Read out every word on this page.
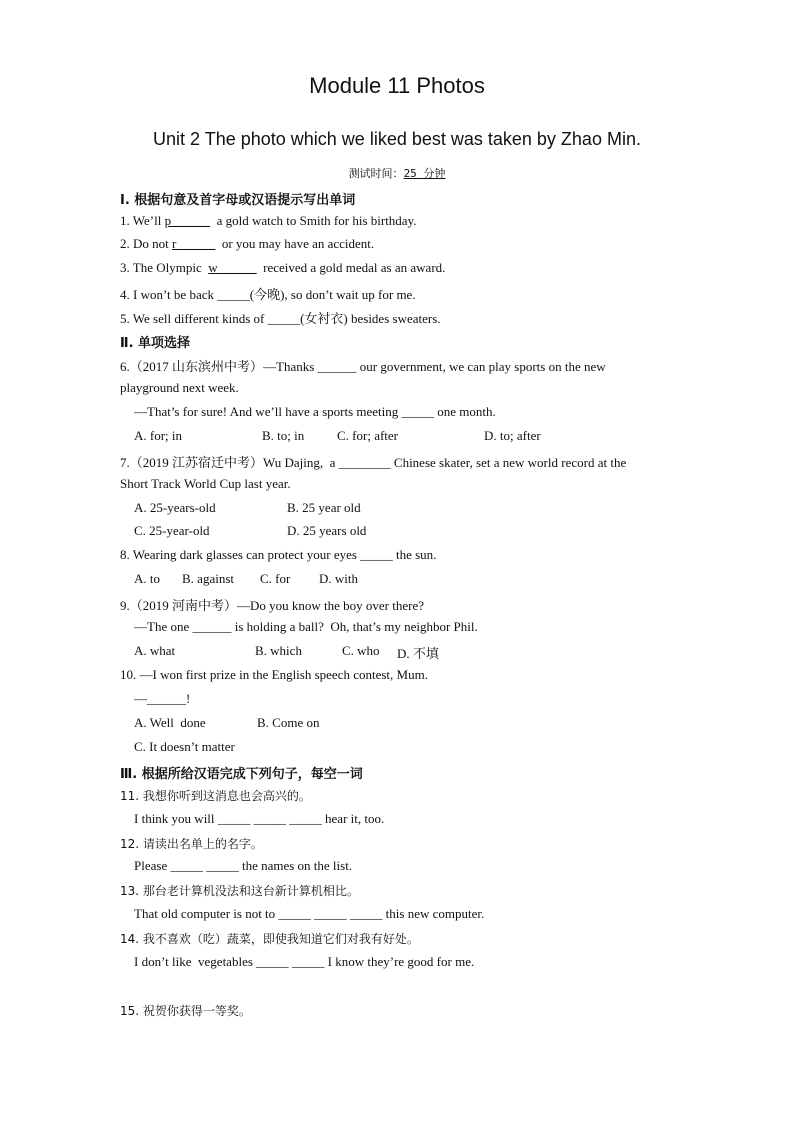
Module 11 Photos
Unit 2 The photo which we liked best was taken by Zhao Min.
测试时间：25 分钟
Ⅰ. 根据句意及首字母或汉语提示写出单词
1. We’ll p______  a gold watch to Smith for his birthday.
2. Do not r______  or you may have an accident.
3. The Olympic  w______  received a gold medal as an award.
4. I won’t be back _____(今晚), so don’t wait up for me.
5. We sell different kinds of _____(女衬衣) besides sweaters.
Ⅱ. 单项选择
6.（2017 山东滨州中考）—Thanks ______ our government, we can play sports on the new
playground next week.
—That’s for sure! And we’ll have a sports meeting _____ one month.
A. for; in	B. to; in	C. for; after	D. to; after
7.（2019 江苏宿迁中考）Wu Dajing,  a ________ Chinese skater, set a new world record at the
Short Track World Cup last year.
A. 25-years-old	B. 25 year old
C. 25-year-old	D. 25 years old
8. Wearing dark glasses can protect your eyes _____ the sun.
A. to B. against C. for D. with
9.（2019 河南中考）—Do you know the boy over there?
—The one ______ is holding a ball?  Oh, that’s my neighbor Phil.
A. what	B. which	C. who D. 不填
10. —I won first prize in the English speech contest, Mum.
—______!
A. Well  done	B. Come on
C. It doesn’t matter
Ⅲ. 根据所给汉语完成下列句子，每空一词
11. 我想你听到这消息也会高兴的。
I think you will _____ _____ _____ hear it, too.
12. 请读出名单上的名字。
Please _____ _____ the names on the list.
13. 那台老计算机没法和这台新计算机相比。
That old computer is not to _____ _____ _____ this new computer.
14. 我不喜欢（吃）蔬菜，即使我知道它们对我有好处。
I don’t like  vegetables _____ _____ I know they’re good for me.
15. 祝贺你获得一等奖。
